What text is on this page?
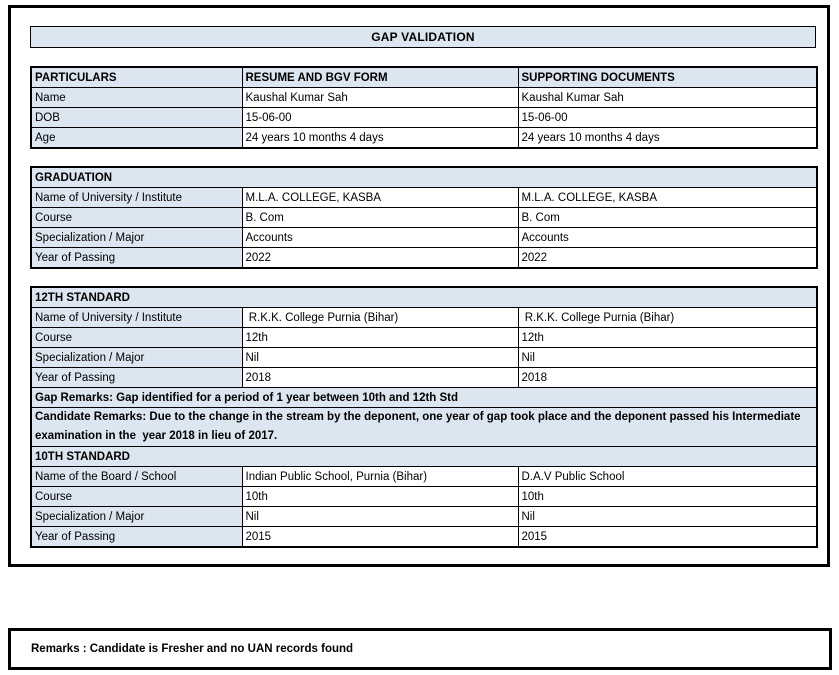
GAP VALIDATION
PARTICULARS	RESUME AND BGV FORM	SUPPORTING DOCUMENTS
Name	Kaushal Kumar Sah	Kaushal Kumar Sah
DOB	15-06-00	15-06-00
Age	24 years 10 months 4 days	24 years 10 months 4 days
GRADUATION		
Name of University / Institute	M.L.A. COLLEGE, KASBA	M.L.A. COLLEGE, KASBA
Course	B. Com	B. Com
Specialization / Major	Accounts	Accounts
Year of Passing	2022	2022
12TH STANDARD		
Name of University / Institute	R.K.K. College Purnia (Bihar)	R.K.K. College Purnia (Bihar)
Course	12th	12th
Specialization / Major	Nil	Nil
Year of Passing	2018	2018
Gap Remarks: Gap identified for a period of 1 year between 10th and 12th Std		
Candidate Remarks: Due to the change in the stream by the deponent, one year of gap took place and the deponent passed his Intermediate examination in the  year 2018 in lieu of 2017.		
10TH STANDARD		
Name of the Board / School	Indian Public School, Purnia (Bihar)	D.A.V Public School
Course	10th	10th
Specialization / Major	Nil	Nil
Year of Passing	2015	2015
Remarks : Candidate is Fresher and no UAN records found
